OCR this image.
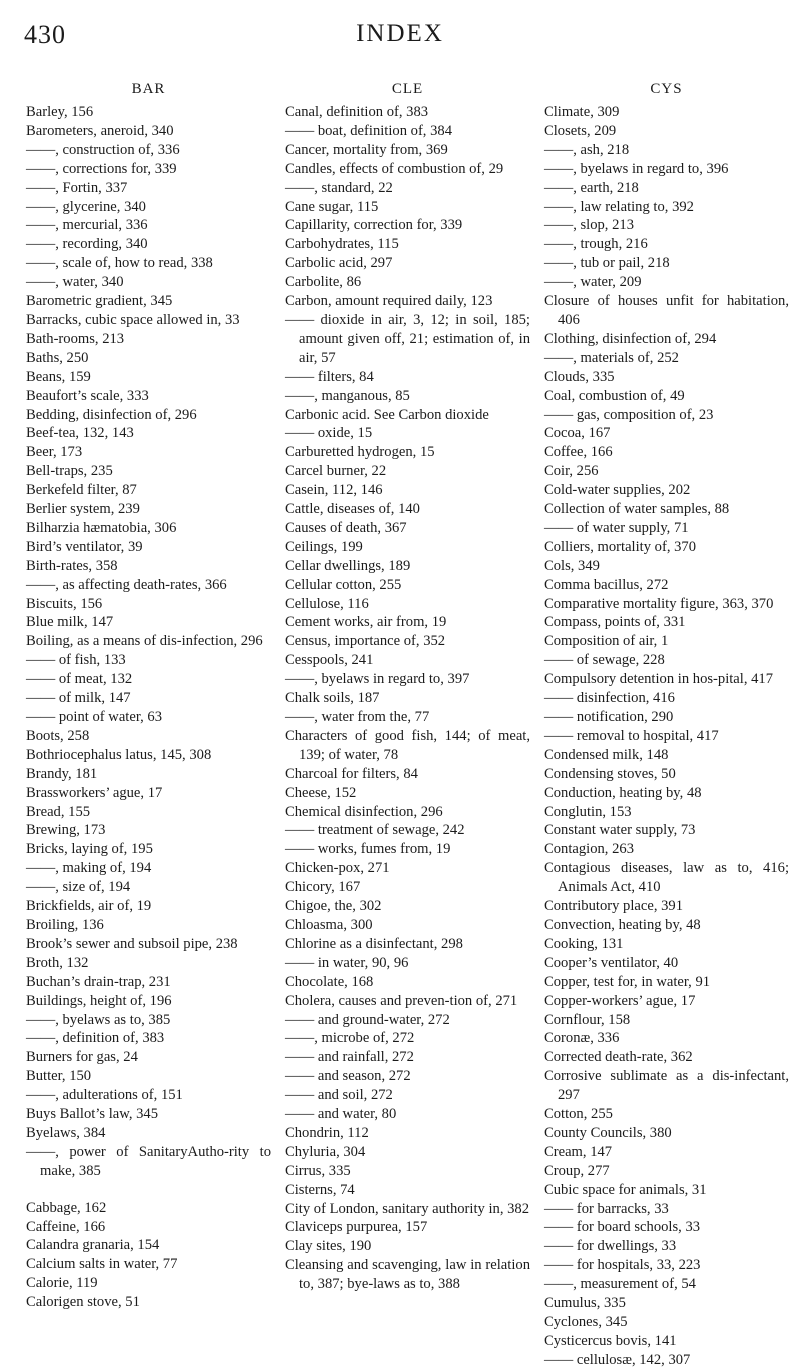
430	INDEX
BAR
Barley, 156
Barometers, aneroid, 340
——, construction of, 336
——, corrections for, 339
——, Fortin, 337
——, glycerine, 340
——, mercurial, 336
——, recording, 340
——, scale of, how to read, 338
——, water, 340
Barometric gradient, 345
Barracks, cubic space allowed in, 33
Bath-rooms, 213
Baths, 250
Beans, 159
Beaufort’s scale, 333
Bedding, disinfection of, 296
Beef-tea, 132, 143
Beer, 173
Bell-traps, 235
Berkefeld filter, 87
Berlier system, 239
Bilharzia hæmatobia, 306
Bird’s ventilator, 39
Birth-rates, 358
——, as affecting death-rates, 366
Biscuits, 156
Blue milk, 147
Boiling, as a means of dis-infection, 296
—— of fish, 133
—— of meat, 132
—— of milk, 147
—— point of water, 63
Boots, 258
Bothriocephalus latus, 145, 308
Brandy, 181
Brassworkers’ ague, 17
Bread, 155
Brewing, 173
Bricks, laying of, 195
——, making of, 194
——, size of, 194
Brickfields, air of, 19
Broiling, 136
Brook’s sewer and subsoil pipe, 238
Broth, 132
Buchan’s drain-trap, 231
Buildings, height of, 196
——, byelaws as to, 385
——, definition of, 383
Burners for gas, 24
Butter, 150
——, adulterations of, 151
Buys Ballot’s law, 345
Byelaws, 384
——, power of SanitaryAutho-rity to make, 385
Cabbage, 162
Caffeine, 166
Calandra granaria, 154
Calcium salts in water, 77
Calorie, 119
Calorigen stove, 51
CLE
Canal, definition of, 383
—— boat, definition of, 384
Cancer, mortality from, 369
Candles, effects of combustion of, 29
——, standard, 22
Cane sugar, 115
Capillarity, correction for, 339
Carbohydrates, 115
Carbolic acid, 297
Carbolite, 86
Carbon, amount required daily, 123
—— dioxide in air, 3, 12; in soil, 185; amount given off, 21; estimation of, in air, 57
—— filters, 84
——, manganous, 85
Carbonic acid. See Carbon dioxide
—— oxide, 15
Carburetted hydrogen, 15
Carcel burner, 22
Casein, 112, 146
Cattle, diseases of, 140
Causes of death, 367
Ceilings, 199
Cellar dwellings, 189
Cellular cotton, 255
Cellulose, 116
Cement works, air from, 19
Census, importance of, 352
Cesspools, 241
——, byelaws in regard to, 397
Chalk soils, 187
——, water from the, 77
Characters of good fish, 144; of meat, 139; of water, 78
Charcoal for filters, 84
Cheese, 152
Chemical disinfection, 296
—— treatment of sewage, 242
—— works, fumes from, 19
Chicken-pox, 271
Chicory, 167
Chigoe, the, 302
Chloasma, 300
Chlorine as a disinfectant, 298
—— in water, 90, 96
Chocolate, 168
Cholera, causes and preven-tion of, 271
—— and ground-water, 272
——, microbe of, 272
—— and rainfall, 272
—— and season, 272
—— and soil, 272
—— and water, 80
Chondrin, 112
Chyluria, 304
Cirrus, 335
Cisterns, 74
City of London, sanitary authority in, 382
Claviceps purpurea, 157
Clay sites, 190
Cleansing and scavenging, law in relation to, 387; bye-laws as to, 388
CYS
Climate, 309
Closets, 209
——, ash, 218
——, byelaws in regard to, 396
——, earth, 218
——, law relating to, 392
——, slop, 213
——, trough, 216
——, tub or pail, 218
——, water, 209
Closure of houses unfit for habitation, 406
Clothing, disinfection of, 294
——, materials of, 252
Clouds, 335
Coal, combustion of, 49
—— gas, composition of, 23
Cocoa, 167
Coffee, 166
Coir, 256
Cold-water supplies, 202
Collection of water samples, 88
—— of water supply, 71
Colliers, mortality of, 370
Cols, 349
Comma bacillus, 272
Comparative mortality figure, 363, 370
Compass, points of, 331
Composition of air, 1
—— of sewage, 228
Compulsory detention in hos-pital, 417
—— disinfection, 416
—— notification, 290
—— removal to hospital, 417
Condensed milk, 148
Condensing stoves, 50
Conduction, heating by, 48
Conglutin, 153
Constant water supply, 73
Contagion, 263
Contagious diseases, law as to, 416; Animals Act, 410
Contributory place, 391
Convection, heating by, 48
Cooking, 131
Cooper’s ventilator, 40
Copper, test for, in water, 91
Copper-workers’ ague, 17
Cornflour, 158
Coronæ, 336
Corrected death-rate, 362
Corrosive sublimate as a dis-infectant, 297
Cotton, 255
County Councils, 380
Cream, 147
Croup, 277
Cubic space for animals, 31
—— for barracks, 33
—— for board schools, 33
—— for dwellings, 33
—— for hospitals, 33, 223
——, measurement of, 54
Cumulus, 335
Cyclones, 345
Cysticercus bovis, 141
—— cellulosæ, 142, 307
